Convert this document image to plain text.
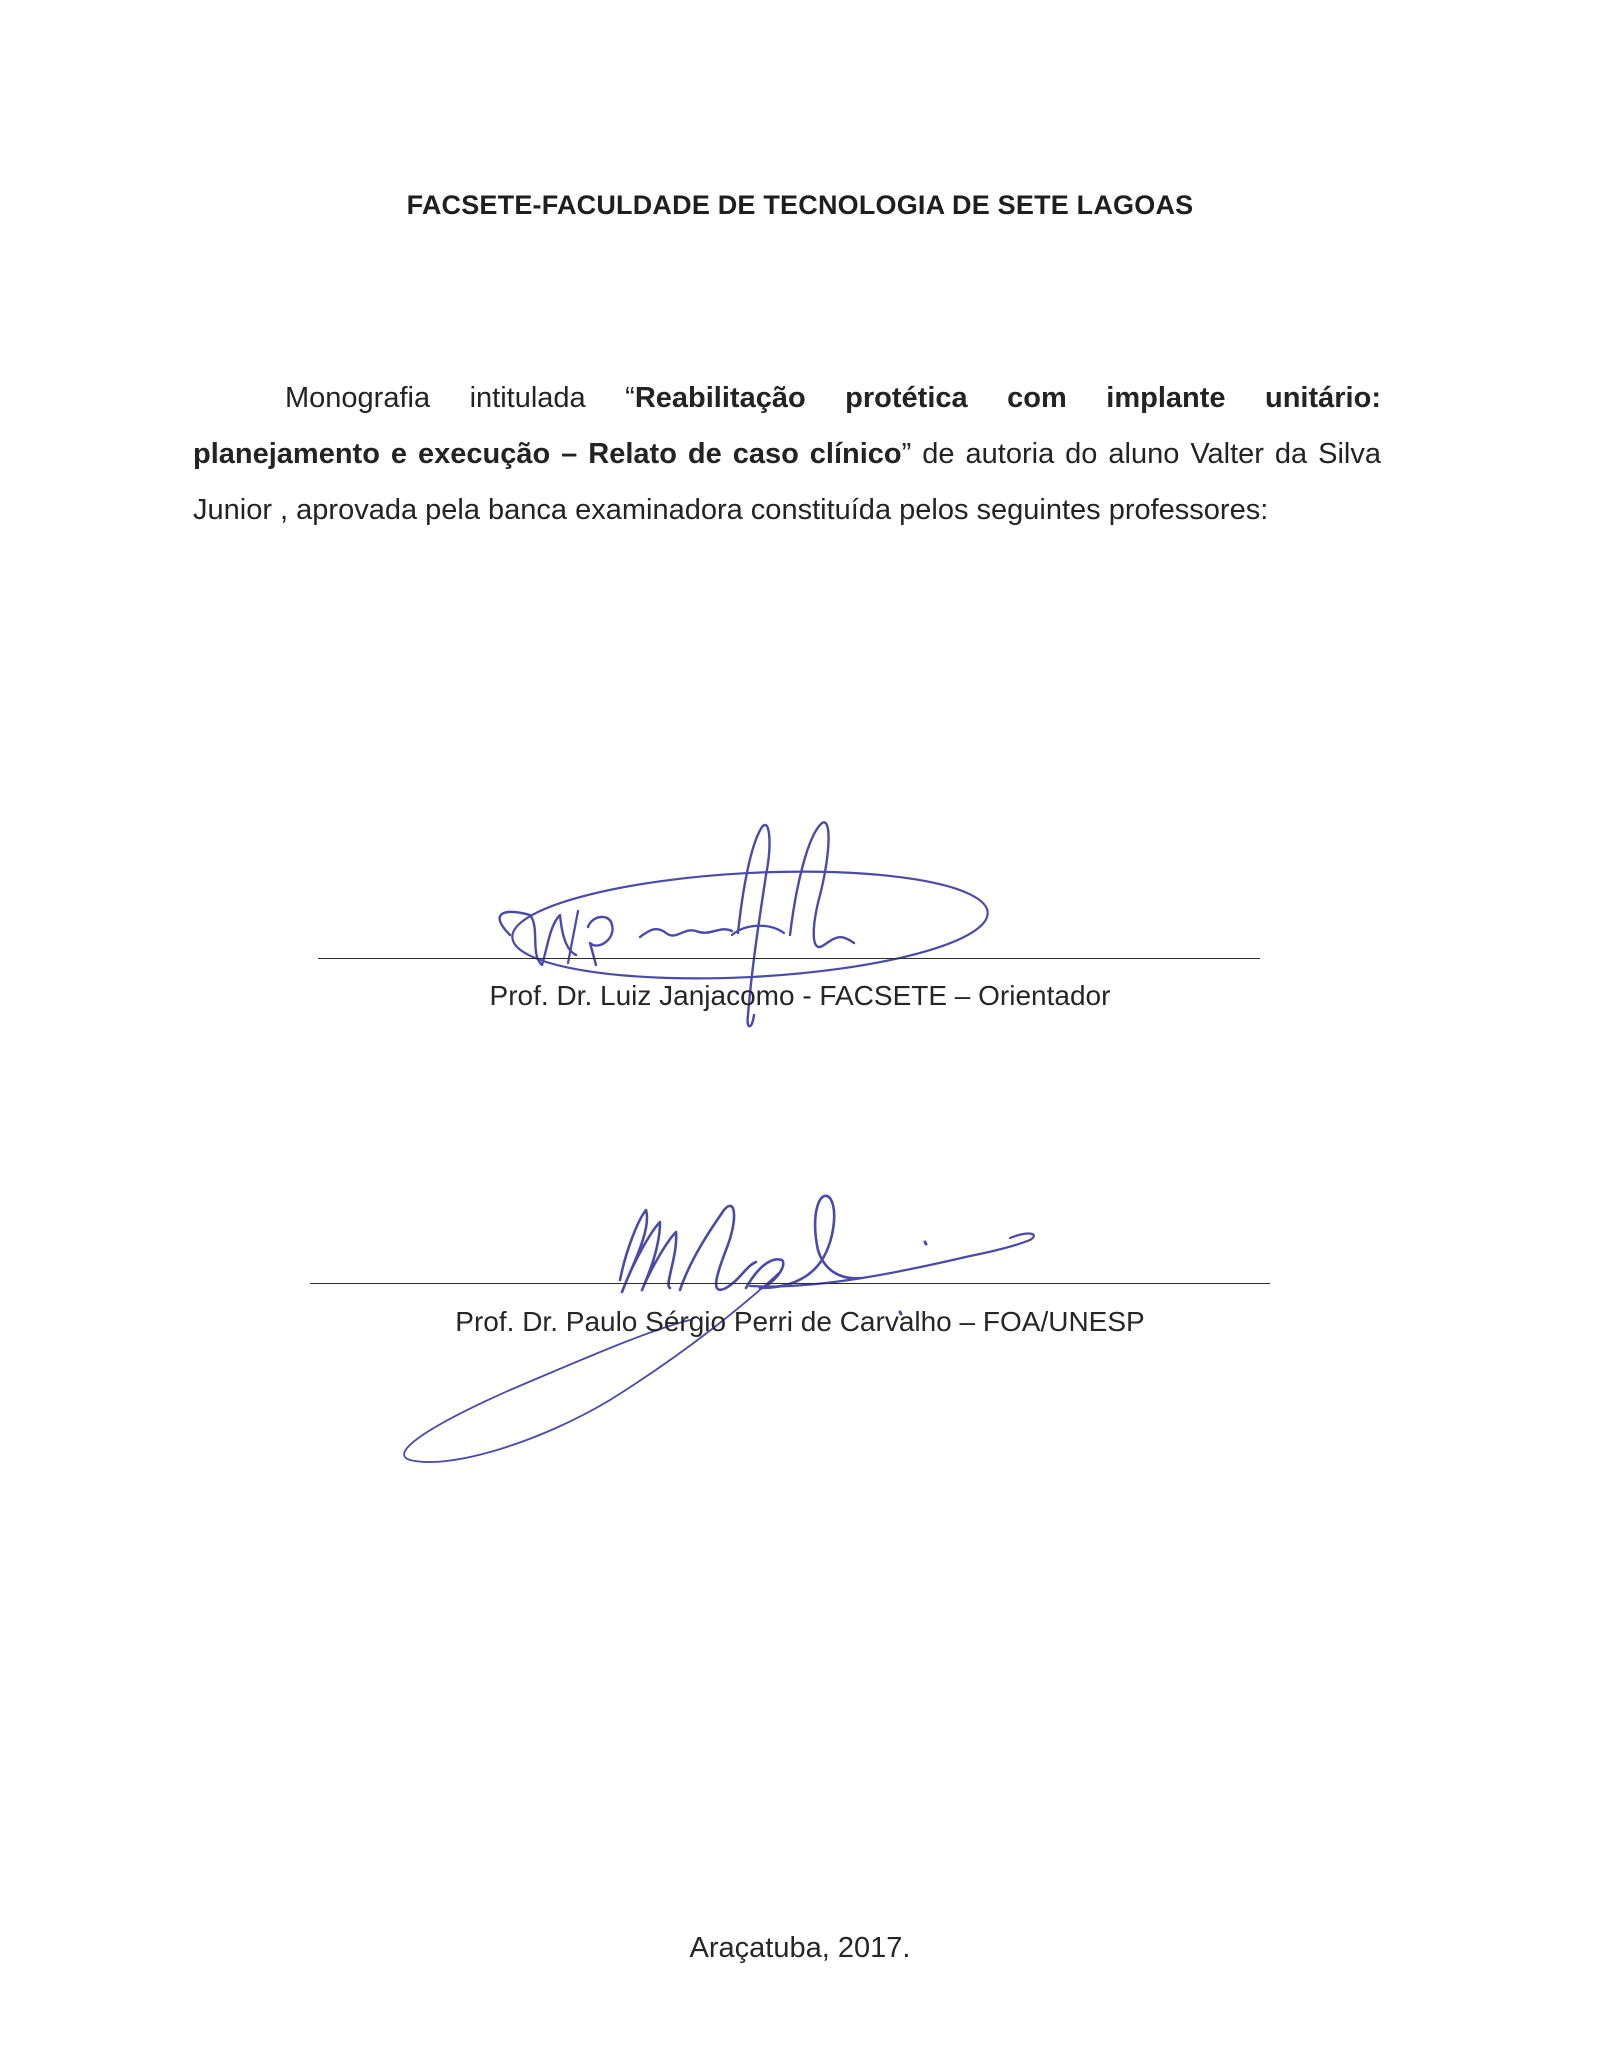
FACSETE-FACULDADE DE TECNOLOGIA DE SETE LAGOAS
Monografia intitulada “Reabilitação protética com implante unitário: planejamento e execução – Relato de caso clínico” de autoria do aluno Valter da Silva Junior , aprovada pela banca examinadora constituída pelos seguintes professores:
Prof. Dr. Luiz Janjacomo - FACSETE – Orientador
Prof. Dr. Paulo Sérgio Perri de Carvalho – FOA/UNESP
Araçatuba, 2017.
